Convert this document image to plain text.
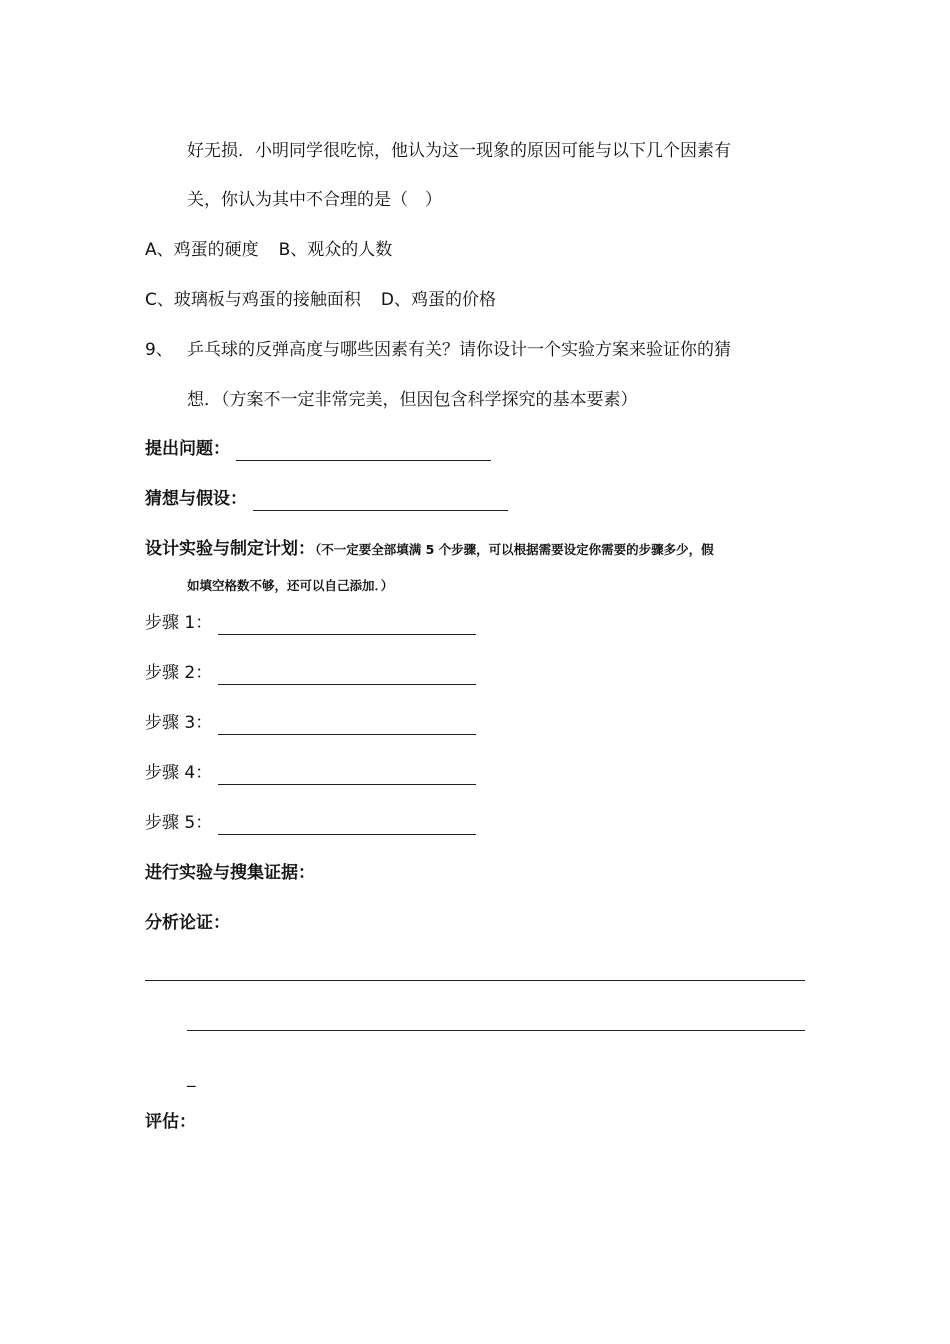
好无损．小明同学很吃惊，他认为这一现象的原因可能与以下几个因素有
关，你认为其中不合理的是（　）
A、鸡蛋的硬度 B、观众的人数
C、玻璃板与鸡蛋的接触面积 D、鸡蛋的价格
9、 乒乓球的反弹高度与哪些因素有关？请你设计一个实验方案来验证你的猜
想．（方案不一定非常完美，但因包含科学探究的基本要素）
提出问题：
猜想与假设：
设计实验与制定计划：（不一定要全部填满 5 个步骤，可以根据需要设定你需要的步骤多少，假
如填空格数不够，还可以自己添加．）
步骤 1：
步骤 2：
步骤 3：
步骤 4：
步骤 5：
进行实验与搜集证据：
分析论证：
_
评估：
